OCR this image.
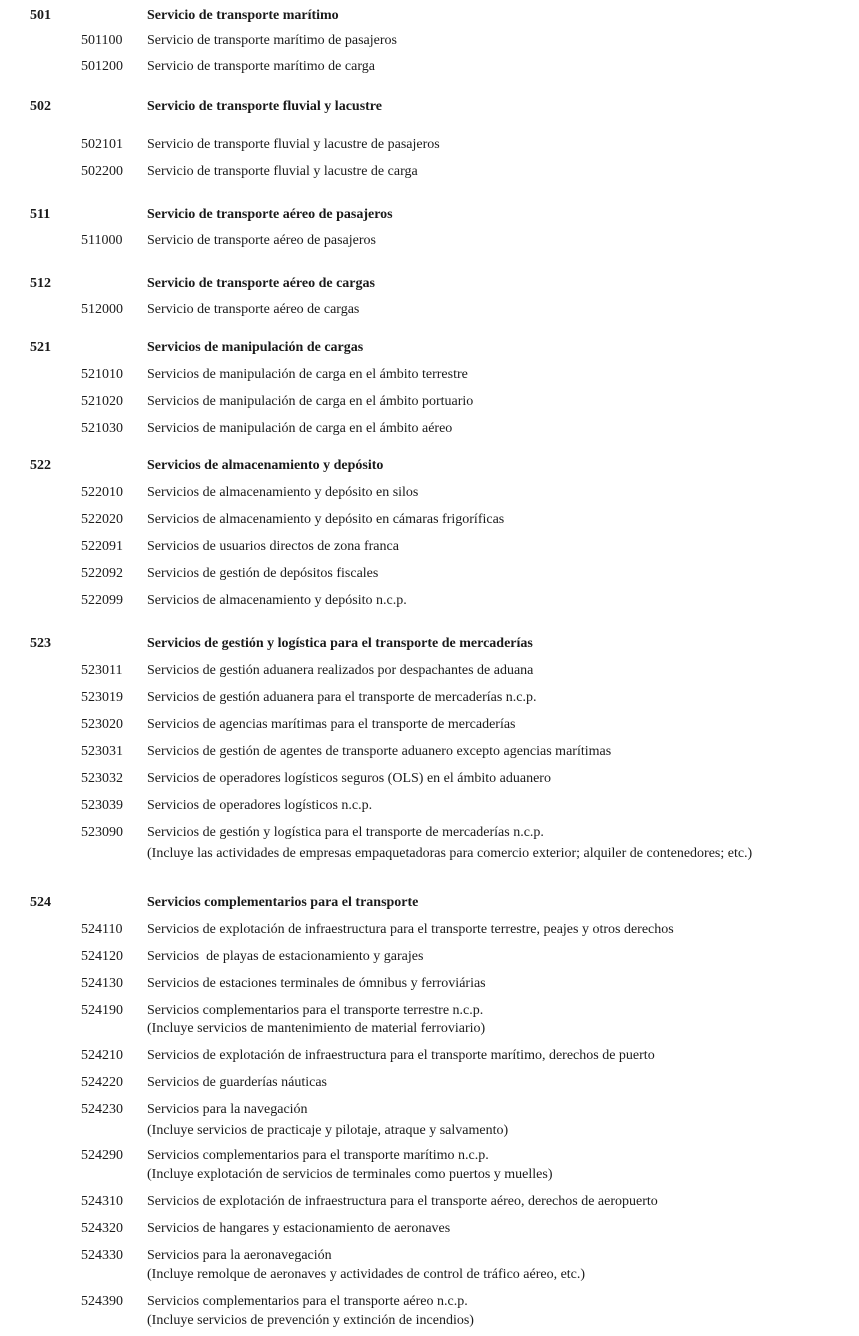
501	Servicio de transporte marítimo
501100 Servicio de transporte marítimo de pasajeros
501200 Servicio de transporte marítimo de carga
502	Servicio de transporte fluvial y lacustre
502101 Servicio de transporte fluvial y lacustre de pasajeros
502200 Servicio de transporte fluvial y lacustre de carga
511	Servicio de transporte aéreo de pasajeros
511000 Servicio de transporte aéreo de pasajeros
512	Servicio de transporte aéreo de cargas
512000 Servicio de transporte aéreo de cargas
521	Servicios de manipulación de cargas
521010 Servicios de manipulación de carga en el ámbito terrestre
521020 Servicios de manipulación de carga en el ámbito portuario
521030 Servicios de manipulación de carga en el ámbito aéreo
522	Servicios de almacenamiento y depósito
522010 Servicios de almacenamiento y depósito en silos
522020 Servicios de almacenamiento y depósito en cámaras frigoríficas
522091 Servicios de usuarios directos de zona franca
522092 Servicios de gestión de depósitos fiscales
522099 Servicios de almacenamiento y depósito n.c.p.
523	Servicios de gestión y logística para el transporte de mercaderías
523011 Servicios de gestión aduanera realizados por despachantes de aduana
523019 Servicios de gestión aduanera para el transporte de mercaderías n.c.p.
523020 Servicios de agencias marítimas para el transporte de mercaderías
523031 Servicios de gestión de agentes de transporte aduanero excepto agencias marítimas
523032 Servicios de operadores logísticos seguros (OLS) en el ámbito aduanero
523039 Servicios de operadores logísticos n.c.p.
523090 Servicios de gestión y logística para el transporte de mercaderías n.c.p.
(Incluye las actividades de empresas empaquetadoras para comercio exterior; alquiler de contenedores; etc.)
524	Servicios complementarios para el transporte
524110 Servicios de explotación de infraestructura para el transporte terrestre, peajes y otros derechos
524120 Servicios  de playas de estacionamiento y garajes
524130 Servicios de estaciones terminales de ómnibus y ferroviárias
524190 Servicios complementarios para el transporte terrestre n.c.p.
(Incluye servicios de mantenimiento de material ferroviario)
524210 Servicios de explotación de infraestructura para el transporte marítimo, derechos de puerto
524220 Servicios de guarderías náuticas
524230 Servicios para la navegación
(Incluye servicios de practicaje y pilotaje, atraque y salvamento)
524290 Servicios complementarios para el transporte marítimo n.c.p.
(Incluye explotación de servicios de terminales como puertos y muelles)
524310 Servicios de explotación de infraestructura para el transporte aéreo, derechos de aeropuerto
524320 Servicios de hangares y estacionamiento de aeronaves
524330 Servicios para la aeronavegación
(Incluye remolque de aeronaves y actividades de control de tráfico aéreo, etc.)
524390 Servicios complementarios para el transporte aéreo n.c.p.
(Incluye servicios de prevención y extinción de incendios)
